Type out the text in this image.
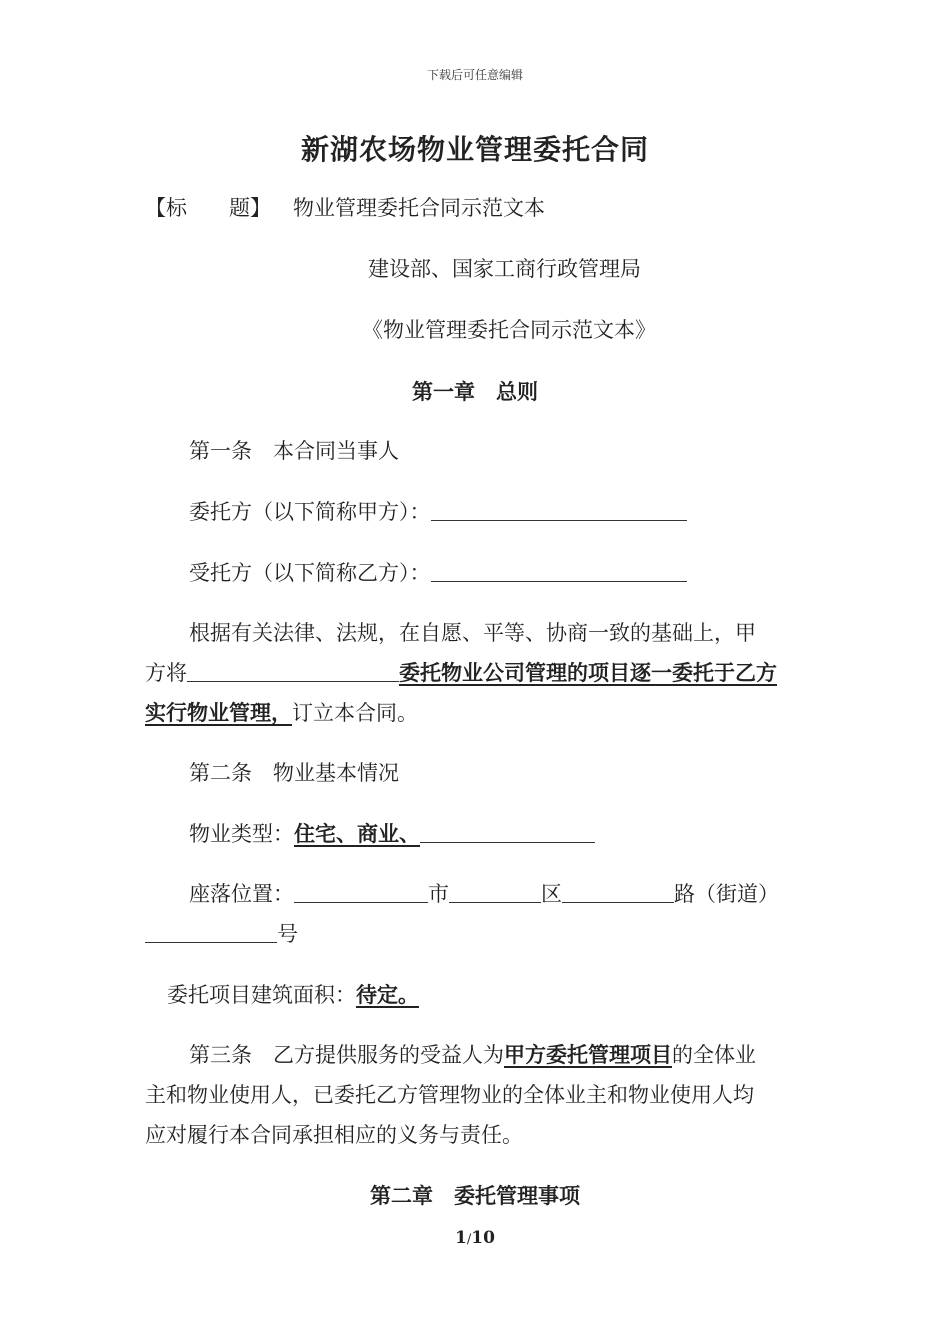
下载后可任意编辑
新湖农场物业管理委托合同
【标　　题】 物业管理委托合同示范文本
建设部、国家工商行政管理局
《物业管理委托合同示范文本》
第一章　总则
第一条　本合同当事人
委托方（以下简称甲方）：
受托方（以下简称乙方）：
根据有关法律、法规，在自愿、平等、协商一致的基础上，甲
方将	委托物业公司管理的项目逐一委托于乙方
实行物业管理，订立本合同。
第二条　物业基本情况
物业类型：住宅、商业、
座落位置：	市	区	路（街道）
号
委托项目建筑面积：待定。
第三条　乙方提供服务的受益人为甲方委托管理项目的全体业
主和物业使用人，已委托乙方管理物业的全体业主和物业使用人均
应对履行本合同承担相应的义务与责任。
第二章　委托管理事项
1/10
